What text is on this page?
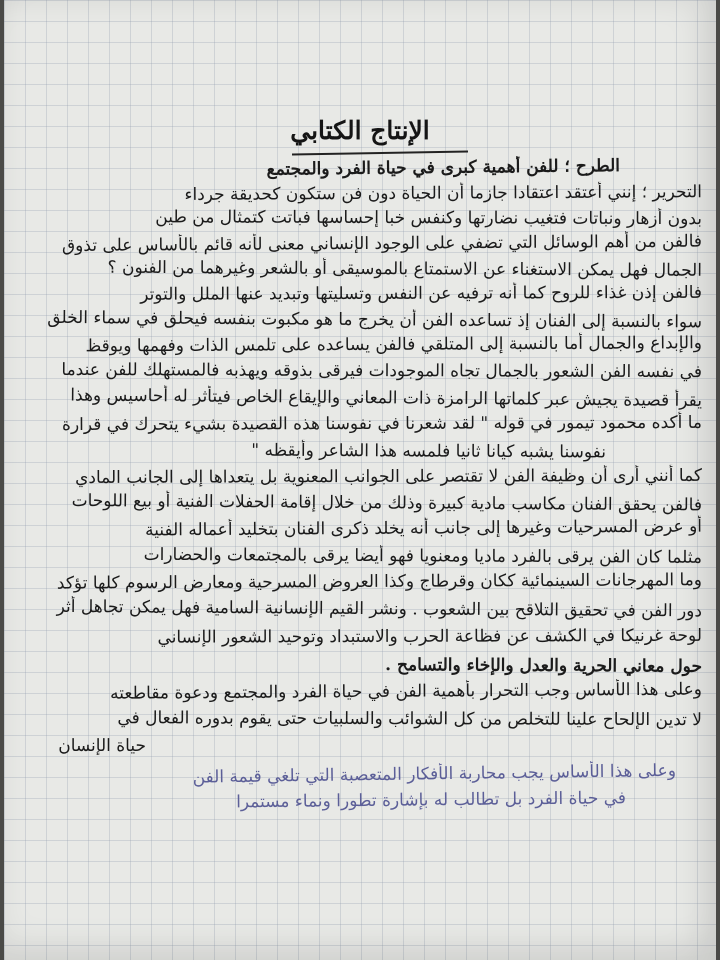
الإنتاج الكتابي
الطرح ؛ للفن أهمية كبرى في حياة الفرد والمجتمع
التحرير ؛ إنني أعتقد اعتقادا جازما أن الحياة دون فن ستكون كحديقة جرداء
بدون أزهار ونباتات فتغيب نضارتها وكنفس خبا إحساسها فباتت كتمثال من طين
فالفن من أهم الوسائل التي تضفي على الوجود الإنساني معنى لأنه قائم بالأساس على تذوق
الجمال فهل يمكن الاستغناء عن الاستمتاع بالموسيقى أو بالشعر وغيرهما من الفنون ؟
فالفن إذن غذاء للروح كما أنه ترفيه عن النفس وتسليتها وتبديد عنها الملل والتوتر
سواء بالنسبة إلى الفنان إذ تساعده الفن أن يخرج ما هو مكبوت بنفسه فيحلق في سماء الخلق
والإبداع والجمال أما بالنسبة إلى المتلقي فالفن يساعده على تلمس الذات وفهمها ويوقظ
في نفسه الفن الشعور بالجمال تجاه الموجودات فيرقى بذوقه ويهذبه فالمستهلك للفن عندما
يقرأ قصيدة يجيش عبر كلماتها الرامزة ذات المعاني والإيقاع الخاص فيتأثر له أحاسيس وهذا
ما أكده محمود تيمور في قوله " لقد شعرنا في نفوسنا هذه القصيدة بشيء يتحرك في قرارة
نفوسنا يشبه كيانا ثانيا فلمسه هذا الشاعر وأيقظه "
كما أنني أرى أن وظيفة الفن لا تقتصر على الجوانب المعنوية بل يتعداها إلى الجانب المادي
فالفن يحقق الفنان مكاسب مادية كبيرة وذلك من خلال إقامة الحفلات الفنية أو بيع اللوحات
أو عرض المسرحيات وغيرها إلى جانب أنه يخلد ذكرى الفنان بتخليد أعماله الفنية
مثلما كان الفن يرقى بالفرد ماديا ومعنويا فهو أيضا يرقى بالمجتمعات والحضارات
وما المهرجانات السينمائية ككان وقرطاج وكذا العروض المسرحية ومعارض الرسوم كلها تؤكد
دور الفن في تحقيق التلاقح بين الشعوب . ونشر القيم الإنسانية السامية فهل يمكن تجاهل أثر
لوحة غرنيكا في الكشف عن فظاعة الحرب والاستبداد وتوحيد الشعور الإنساني
حول معاني الحرية والعدل والإخاء والتسامح .
وعلى هذا الأساس وجب التحرار بأهمية الفن في حياة الفرد والمجتمع ودعوة مقاطعته
لا تدين الإلحاح علينا للتخلص من كل الشوائب والسلبيات حتى يقوم بدوره الفعال في
حياة الإنسان
وعلى هذا الأساس يجب محاربة الأفكار المتعصبة التي تلغي قيمة الفن
في حياة الفرد بل تطالب له بإشارة تطورا ونماء مستمرا
